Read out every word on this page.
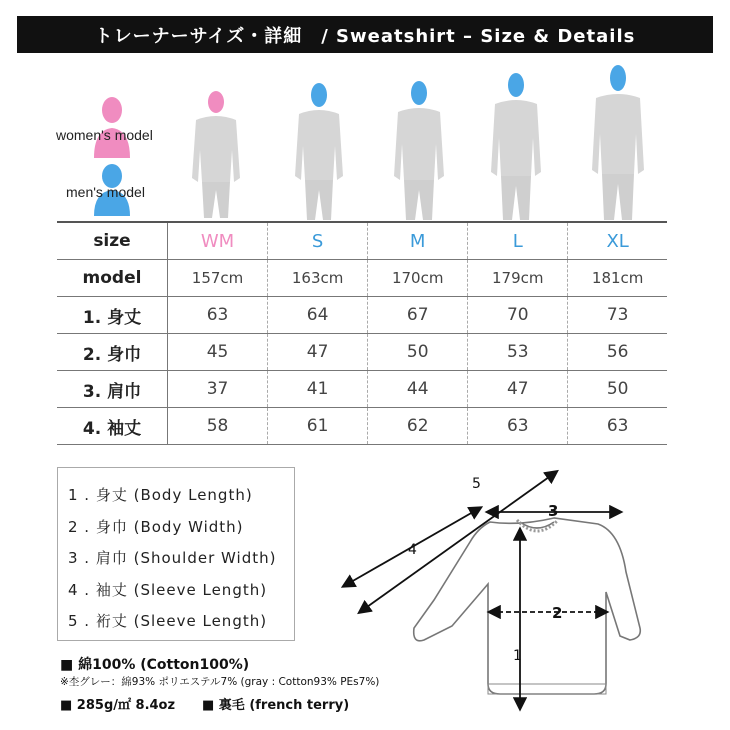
トレーナーサイズ・詳細　/ Sweatshirt – Size & Details
women's model
men's model
size	WM	S	M	L	XL
model	157cm	163cm	170cm	179cm	181cm
1. 身丈	63	64	67	70	73
2. 身巾	45	47	50	53	56
3. 肩巾	37	41	44	47	50
4. 袖丈	58	61	62	63	63
1 . 身丈 (Body Length)
2 . 身巾 (Body Width)
3 . 肩巾 (Shoulder Width)
4 . 袖丈 (Sleeve Length)
5 . 裄丈 (Sleeve Length)
■ 綿100% (Cotton100%)
※杢グレー：綿93% ポリエステル7% (gray : Cotton93% PEs7%)
■ 285g/㎡ 8.4oz ■ 裏毛 (french terry)
1
2
3
4
5
